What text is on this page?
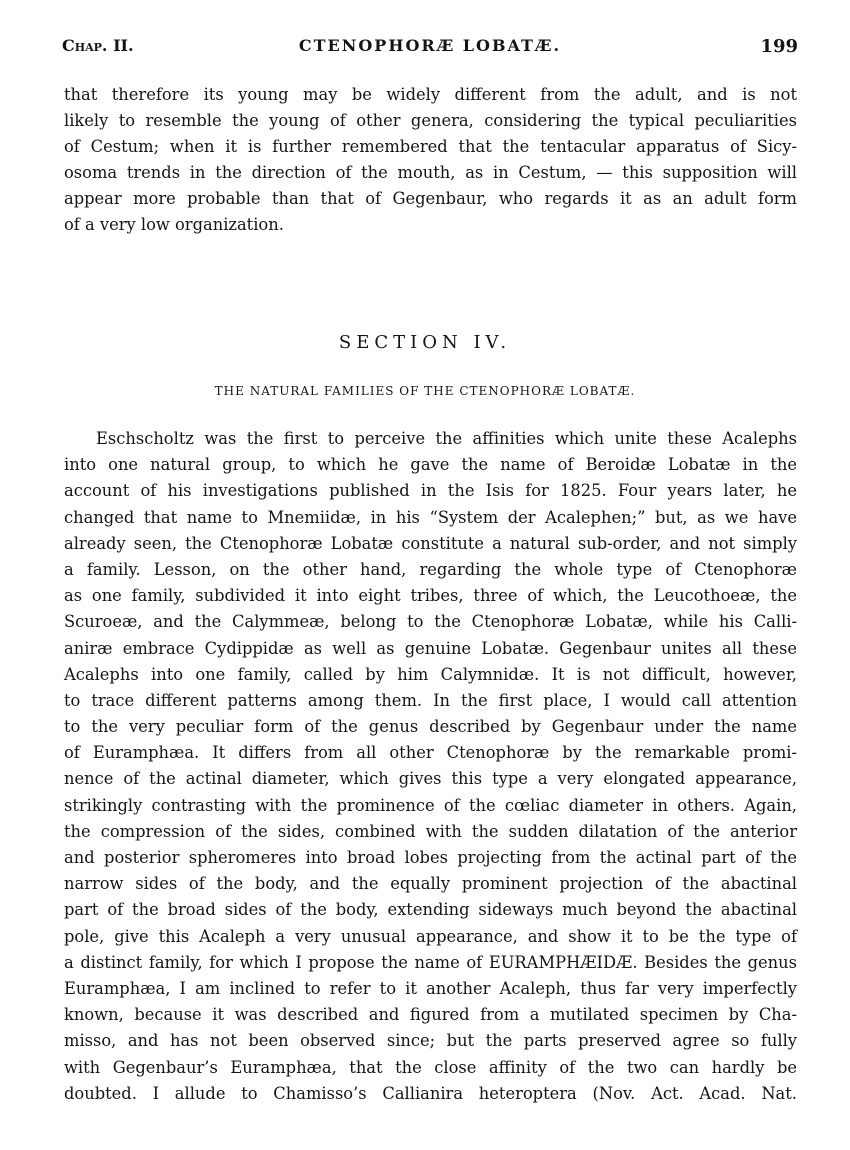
Chap. II.	CTENOPHORÆ LOBATÆ.	199
that therefore its young may be widely different from the adult, and is not
likely to resemble the young of other genera, considering the typical peculiarities
of Cestum; when it is further remembered that the tentacular apparatus of Sicy-
osoma trends in the direction of the mouth, as in Cestum, — this supposition will
appear more probable than that of Gegenbaur, who regards it as an adult form
of a very low organization.
SECTION IV.
THE NATURAL FAMILIES OF THE CTENOPHORÆ LOBATÆ.
Eschscholtz was the first to perceive the affinities which unite these Acalephs
into one natural group, to which he gave the name of Beroidæ Lobatæ in the
account of his investigations published in the Isis for 1825. Four years later, he
changed that name to Mnemiidæ, in his “System der Acalephen;” but, as we have
already seen, the Ctenophoræ Lobatæ constitute a natural sub-order, and not simply
a family. Lesson, on the other hand, regarding the whole type of Ctenophoræ
as one family, subdivided it into eight tribes, three of which, the Leucothoeæ, the
Scuroeæ, and the Calymmeæ, belong to the Ctenophoræ Lobatæ, while his Calli-
aniræ embrace Cydippidæ as well as genuine Lobatæ. Gegenbaur unites all these
Acalephs into one family, called by him Calymnidæ. It is not difficult, however,
to trace different patterns among them. In the first place, I would call attention
to the very peculiar form of the genus described by Gegenbaur under the name
of Euramphæa. It differs from all other Ctenophoræ by the remarkable promi-
nence of the actinal diameter, which gives this type a very elongated appearance,
strikingly contrasting with the prominence of the cœliac diameter in others. Again,
the compression of the sides, combined with the sudden dilatation of the anterior
and posterior spheromeres into broad lobes projecting from the actinal part of the
narrow sides of the body, and the equally prominent projection of the abactinal
part of the broad sides of the body, extending sideways much beyond the abactinal
pole, give this Acaleph a very unusual appearance, and show it to be the type of
a distinct family, for which I propose the name of EURAMPHÆIDÆ. Besides the genus
Euramphæa, I am inclined to refer to it another Acaleph, thus far very imperfectly
known, because it was described and figured from a mutilated specimen by Cha-
misso, and has not been observed since; but the parts preserved agree so fully
with Gegenbaur’s Euramphæa, that the close affinity of the two can hardly be
doubted. I allude to Chamisso’s Callianira heteroptera (Nov. Act. Acad. Nat.
